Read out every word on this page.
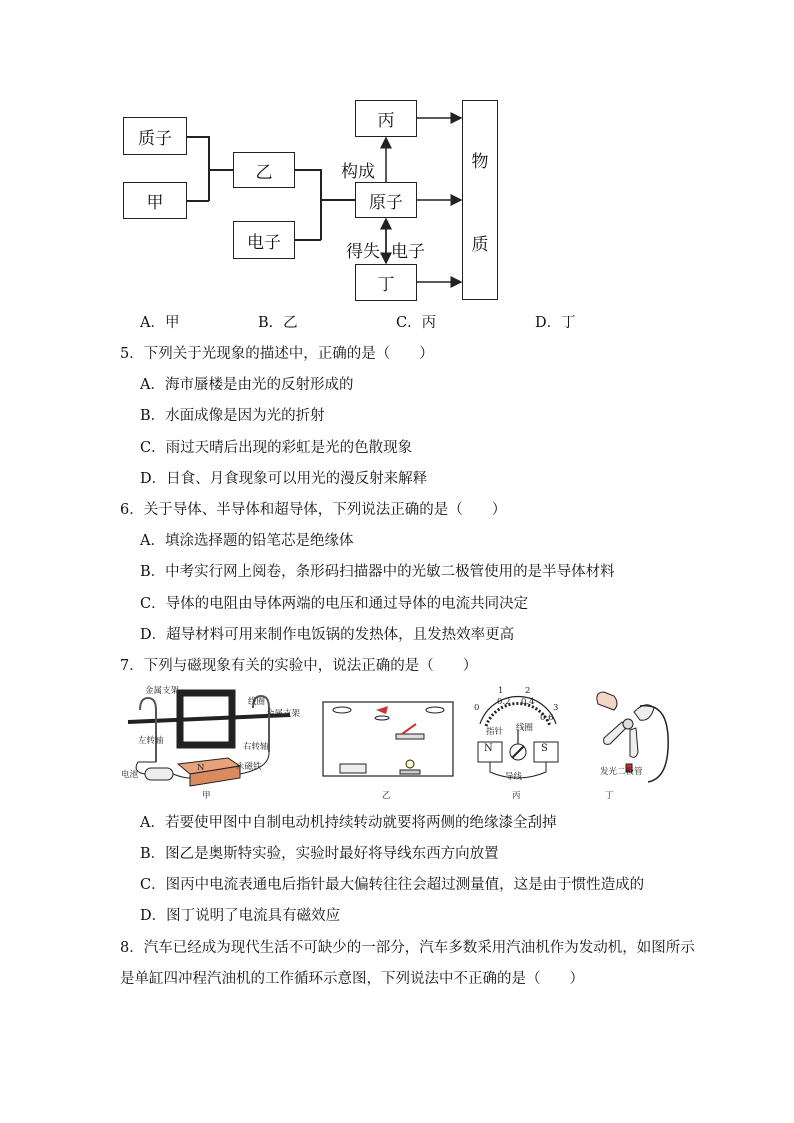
质子
甲
乙
电子
丙
原子
丁
物
质
构成
得失 电子
A．甲	B．乙	C．丙	D．丁
5．下列关于光现象的描述中，正确的是（　　）
A．海市蜃楼是由光的反射形成的
B．水面成像是因为光的折射
C．雨过天晴后出现的彩虹是光的色散现象
D．日食、月食现象可以用光的漫反射来解释
6．关于导体、半导体和超导体，下列说法正确的是（　　）
A．填涂选择题的铅笔芯是绝缘体
B．中考实行网上阅卷，条形码扫描器中的光敏二极管使用的是半导体材料
C．导体的电阻由导体两端的电压和通过导体的电流共同决定
D．超导材料可用来制作电饭锅的发热体，且发热效率更高
7．下列与磁现象有关的实验中，说法正确的是（　　）
金属支架
线圈
金属支架
左转轴
右转轴
电池
永磁铁
N
甲	乙
0
1	2
3
0.2 0.4
0.6
指针 线圈
N	S
导线
丙
发光二极管
丁
A．若要使甲图中自制电动机持续转动就要将两侧的绝缘漆全刮掉
B．图乙是奥斯特实验，实验时最好将导线东西方向放置
C．图丙中电流表通电后指针最大偏转往往会超过测量值，这是由于惯性造成的
D．图丁说明了电流具有磁效应
8．汽车已经成为现代生活不可缺少的一部分，汽车多数采用汽油机作为发动机，如图所示
是单缸四冲程汽油机的工作循环示意图，下列说法中不正确的是（　　）
